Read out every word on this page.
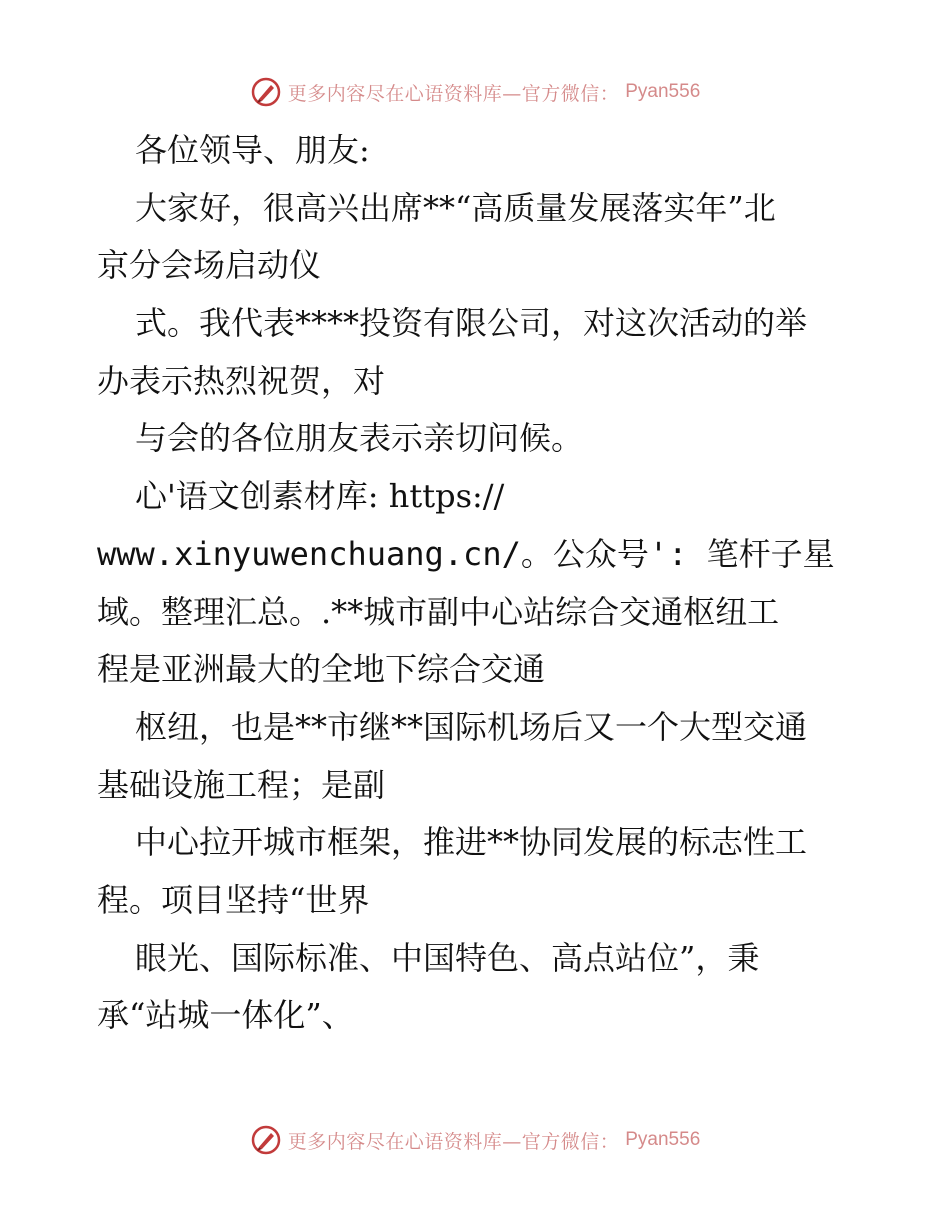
更多内容尽在心语资料库—官方微信： Pyan556
各位领导、朋友:
大家好，很高兴出席**“高质量发展落实年”北
京分会场启动仪
式。我代表****投资有限公司，对这次活动的举
办表示热烈祝贺，对
与会的各位朋友表示亲切问候。
心'语文创素材库: https://
www.xinyuwenchuang.cn/。公众号': 笔杆子星
域。整理汇总。.**城市副中心站综合交通枢纽工
程是亚洲最大的全地下综合交通
枢纽，也是**市继**国际机场后又一个大型交通
基础设施工程；是副
中心拉开城市框架，推进**协同发展的标志性工
程。项目坚持“世界
眼光、国际标准、中国特色、高点站位”，秉
承“站城一体化”、
更多内容尽在心语资料库—官方微信： Pyan556
